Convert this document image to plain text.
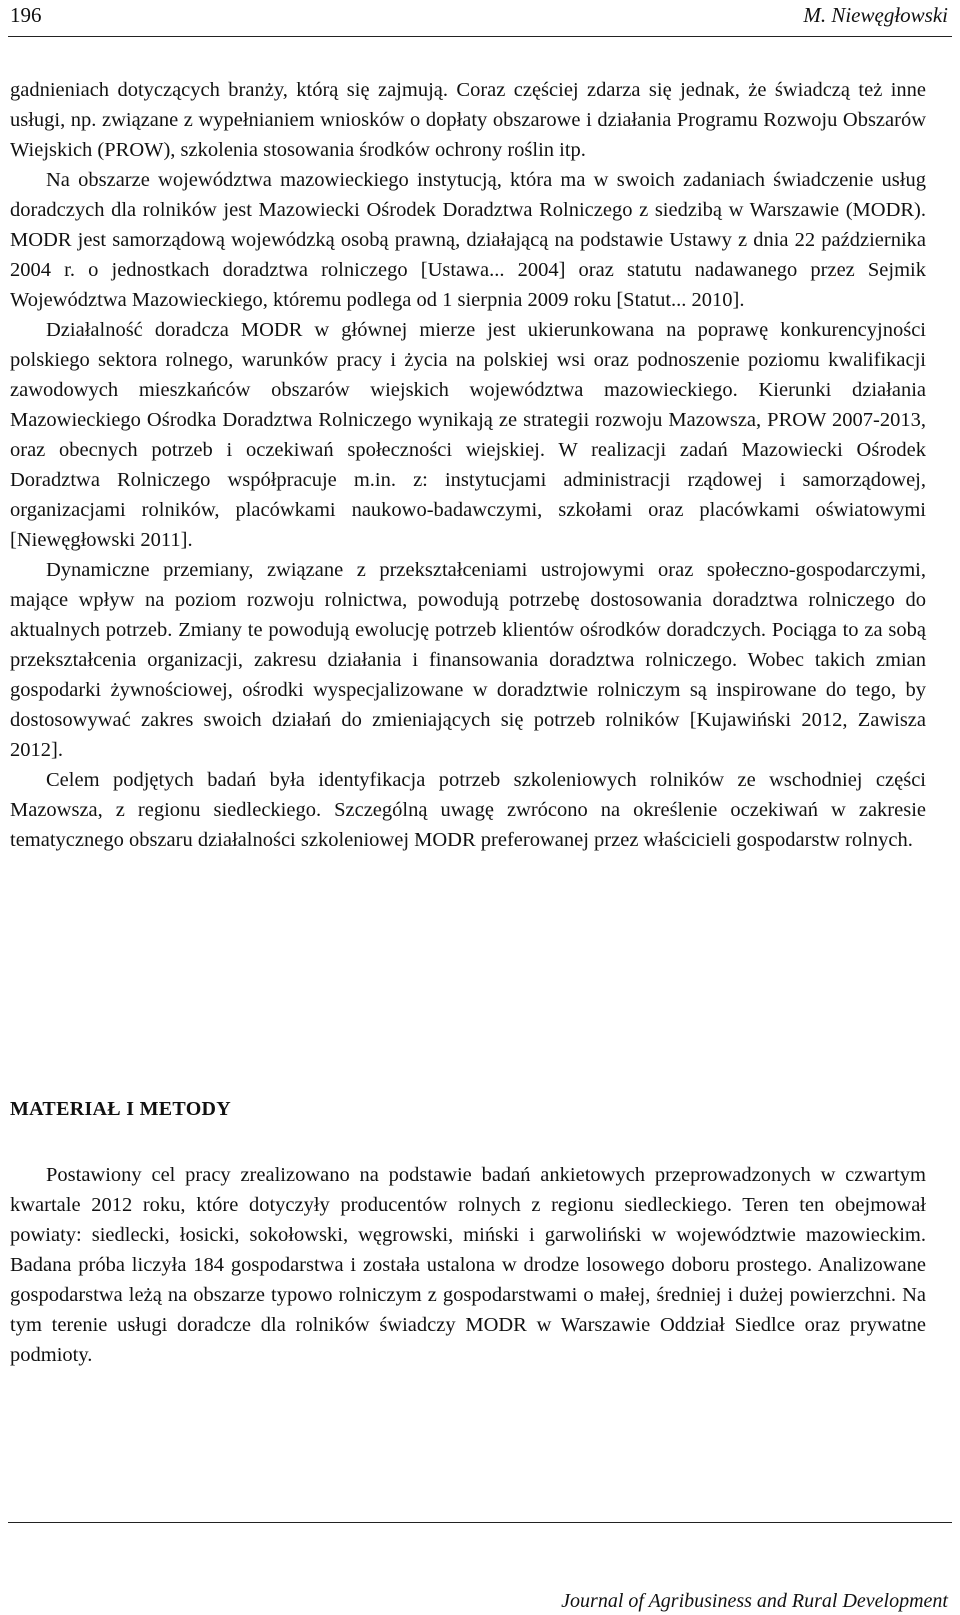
196	M. Niewęgłowski

gadnieniach dotyczących branży, którą się zajmują. Coraz częściej zdarza się jednak, że świadczą też inne usługi, np. związane z wypełnianiem wniosków o dopłaty obszarowe i działania Programu Rozwoju Obszarów Wiejskich (PROW), szkolenia stosowania środków ochrony roślin itp.

Na obszarze województwa mazowieckiego instytucją, która ma w swoich zadaniach świadczenie usług doradczych dla rolników jest Mazowiecki Ośrodek Doradztwa Rolniczego z siedzibą w Warszawie (MODR). MODR jest samorządową wojewódzką osobą prawną, działającą na podstawie Ustawy z dnia 22 października 2004 r. o jednostkach doradztwa rolniczego [Ustawa... 2004] oraz statutu nadawanego przez Sejmik Województwa Mazowieckiego, któremu podlega od 1 sierpnia 2009 roku [Statut... 2010].

Działalność doradcza MODR w głównej mierze jest ukierunkowana na poprawę konkurencyjności polskiego sektora rolnego, warunków pracy i życia na polskiej wsi oraz podnoszenie poziomu kwalifikacji zawodowych mieszkańców obszarów wiejskich województwa mazowieckiego. Kierunki działania Mazowieckiego Ośrodka Doradztwa Rolniczego wynikają ze strategii rozwoju Mazowsza, PROW 2007-2013, oraz obecnych potrzeb i oczekiwań społeczności wiejskiej. W realizacji zadań Mazowiecki Ośrodek Doradztwa Rolniczego współpracuje m.in. z: instytucjami administracji rządowej i samorządowej, organizacjami rolników, placówkami naukowo-badawczymi, szkołami oraz placówkami oświatowymi [Niewęgłowski 2011].

Dynamiczne przemiany, związane z przekształceniami ustrojowymi oraz społeczno-gospodarczymi, mające wpływ na poziom rozwoju rolnictwa, powodują potrzebę dostosowania doradztwa rolniczego do aktualnych potrzeb. Zmiany te powodują ewolucję potrzeb klientów ośrodków doradczych. Pociąga to za sobą przekształcenia organizacji, zakresu działania i finansowania doradztwa rolniczego. Wobec takich zmian gospodarki żywnościowej, ośrodki wyspecjalizowane w doradztwie rolniczym są inspirowane do tego, by dostosowywać zakres swoich działań do zmieniających się potrzeb rolników [Kujawiński 2012, Zawisza 2012].

Celem podjętych badań była identyfikacja potrzeb szkoleniowych rolników ze wschodniej części Mazowsza, z regionu siedleckiego. Szczególną uwagę zwrócono na określenie oczekiwań w zakresie tematycznego obszaru działalności szkoleniowej MODR preferowanej przez właścicieli gospodarstw rolnych.

MATERIAŁ I METODY

Postawiony cel pracy zrealizowano na podstawie badań ankietowych przeprowadzonych w czwartym kwartale 2012 roku, które dotyczyły producentów rolnych z regionu siedleckiego. Teren ten obejmował powiaty: siedlecki, łosicki, sokołowski, węgrowski, miński i garwoliński w województwie mazowieckim. Badana próba liczyła 184 gospodarstwa i została ustalona w drodze losowego doboru prostego. Analizowane gospodarstwa leżą na obszarze typowo rolniczym z gospodarstwami o małej, średniej i dużej powierzchni. Na tym terenie usługi doradcze dla rolników świadczy MODR w Warszawie Oddział Siedlce oraz prywatne podmioty.

Journal of Agribusiness and Rural Development
